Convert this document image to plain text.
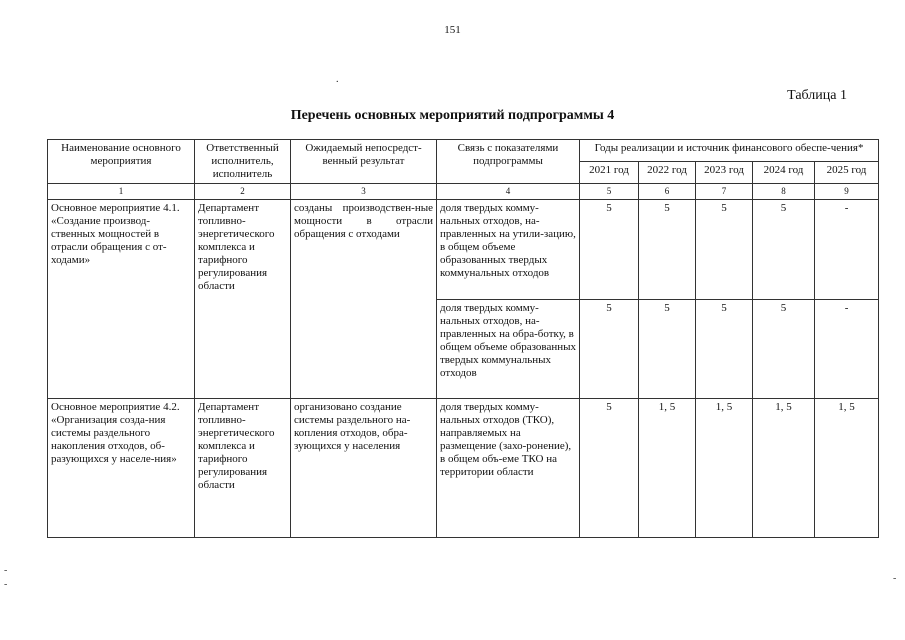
151
.
Таблица 1
Перечень основных мероприятий подпрограммы 4
-
-
-
Наименование основного мероприятия	Ответственный исполнитель, исполнитель	Ожидаемый непосредст-венный результат	Связь с показателями подпрограммы	Годы реализации и источник финансового обеспе-чения*				
				2021 год	2022 год	2023 год	2024 год	2025 год
1	2	3	4	5	6	7	8	9
Основное мероприятие 4.1. «Создание производ-ственных мощностей в отрасли обращения с от-ходами»	Департамент топливно-энергетического комплекса и тарифного регулирования области	созданы производствен-ные мощности в отрасли обращения с отходами	доля твердых комму-нальных отходов, на-правленных на утили-зацию, в общем объеме образованных твердых коммунальных отходов	5	5	5	5	-
			доля твердых комму-нальных отходов, на-правленных на обра-ботку, в общем объеме образованных твердых коммунальных отходов	5	5	5	5	-
Основное мероприятие 4.2. «Организация созда-ния системы раздельного накопления отходов, об-разующихся у населе-ния»	Департамент топливно-энергетического комплекса и тарифного регулирования области	организовано создание системы раздельного на-копления отходов, обра-зующихся у населения	доля твердых комму-нальных отходов (ТКО), направляемых на размещение (захо-ронение), в общем объ-еме ТКО на территории области	5	1, 5	1, 5	1, 5	1, 5
